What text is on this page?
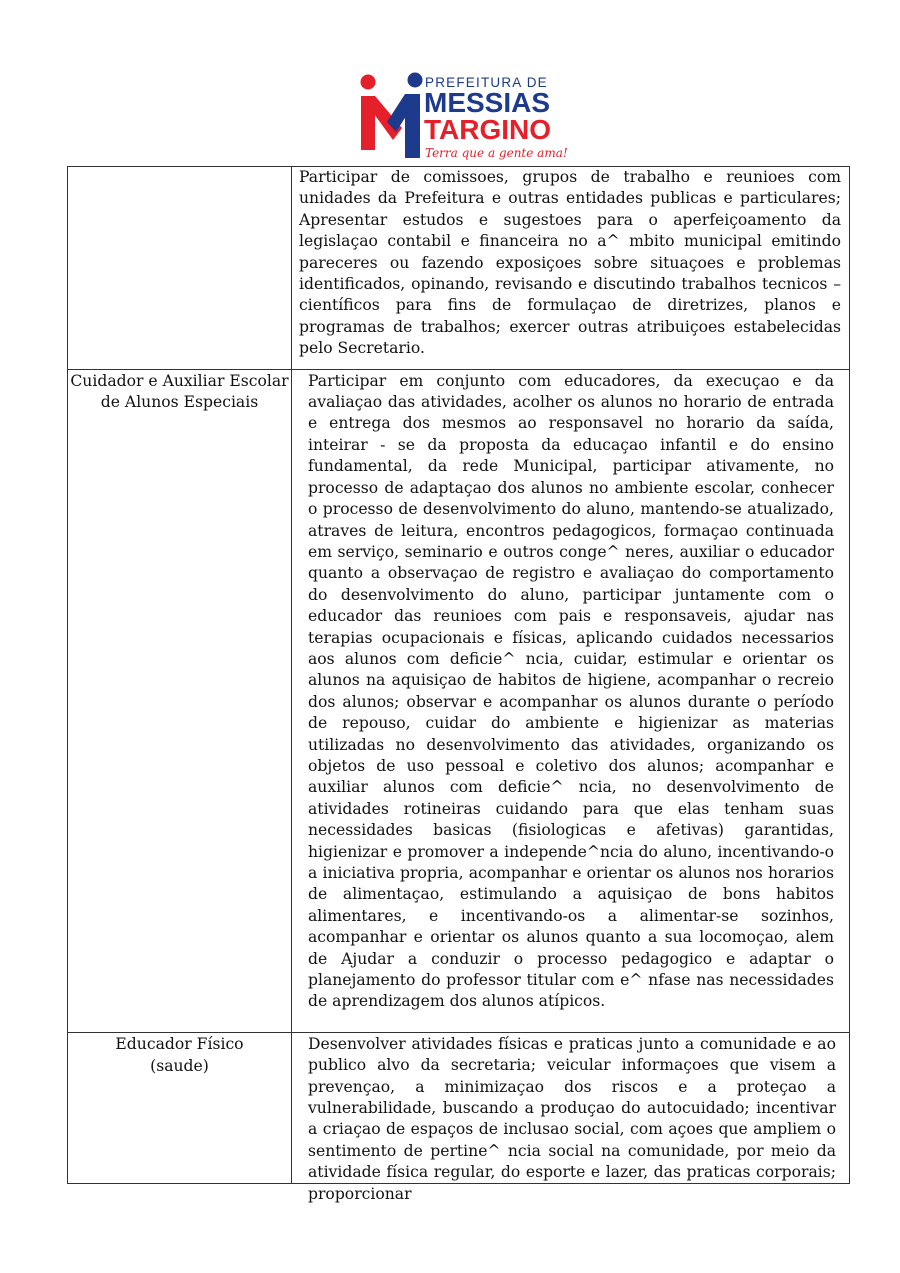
PREFEITURA DE
MESSIAS
TARGINO
Terra que a gente ama!

	Participar de comissoes, grupos de trabalho e reunioes com unidades da Prefeitura e outras entidades publicas e particulares; Apresentar estudos e sugestoes para o aperfeiçoamento da legislaçao contabil e financeira no a^ mbito municipal emitindo pareceres ou fazendo exposiçoes sobre situaçoes e problemas identificados, opinando, revisando e discutindo trabalhos tecnicos –cientı́ficos para fins de formulaçao de diretrizes, planos e programas de trabalhos; exercer outras atribuiçoes estabelecidas pelo Secretario.

Cuidador e Auxiliar Escolar de Alunos Especiais	Participar em conjunto com educadores, da execuçao e da avaliaçao das atividades, acolher os alunos no horario de entrada e entrega dos mesmos ao responsavel no horario da saı́da, inteirar - se da proposta da educaçao infantil e do ensino fundamental, da rede Municipal, participar ativamente, no processo de adaptaçao dos alunos no ambiente escolar, conhecer o processo de desenvolvimento do aluno, mantendo-se atualizado, atraves de leitura, encontros pedagogicos, formaçao continuada em serviço, seminario e outros conge^ neres, auxiliar o educador quanto a observaçao de registro e avaliaçao do comportamento do desenvolvimento do aluno, participar juntamente com o educador das reunioes com pais e responsaveis, ajudar nas terapias ocupacionais e fı́sicas, aplicando cuidados necessarios aos alunos com deficie^ ncia, cuidar, estimular e orientar os alunos na aquisiçao de habitos de higiene, acompanhar o recreio dos alunos; observar e acompanhar os alunos durante o perı́odo de repouso, cuidar do ambiente e higienizar as materias utilizadas no desenvolvimento das atividades, organizando os objetos de uso pessoal e coletivo dos alunos; acompanhar e auxiliar alunos com deficie^ ncia, no desenvolvimento de atividades rotineiras cuidando para que elas tenham suas necessidades basicas (fisiologicas e afetivas) garantidas, higienizar e promover a independe^ncia do aluno, incentivando-o a iniciativa propria, acompanhar e orientar os alunos nos horarios de alimentaçao, estimulando a aquisiçao de bons habitos alimentares, e incentivando-os a alimentar-se sozinhos, acompanhar e orientar os alunos quanto a sua locomoçao, alem de Ajudar a conduzir o processo pedagogico e adaptar o planejamento do professor titular com e^ nfase nas necessidades de aprendizagem dos alunos atı́picos.

Educador Fı́sico
(saude)	Desenvolver atividades fı́sicas e praticas junto a comunidade e ao publico alvo da secretaria; veicular informaçoes que visem a prevençao, a minimizaçao dos riscos e a proteçao a vulnerabilidade, buscando a produçao do autocuidado; incentivar a criaçao de espaços de inclusao social, com açoes que ampliem o sentimento de pertine^ ncia social na comunidade, por meio da atividade fı́sica regular, do esporte e lazer, das praticas corporais; proporcionar
